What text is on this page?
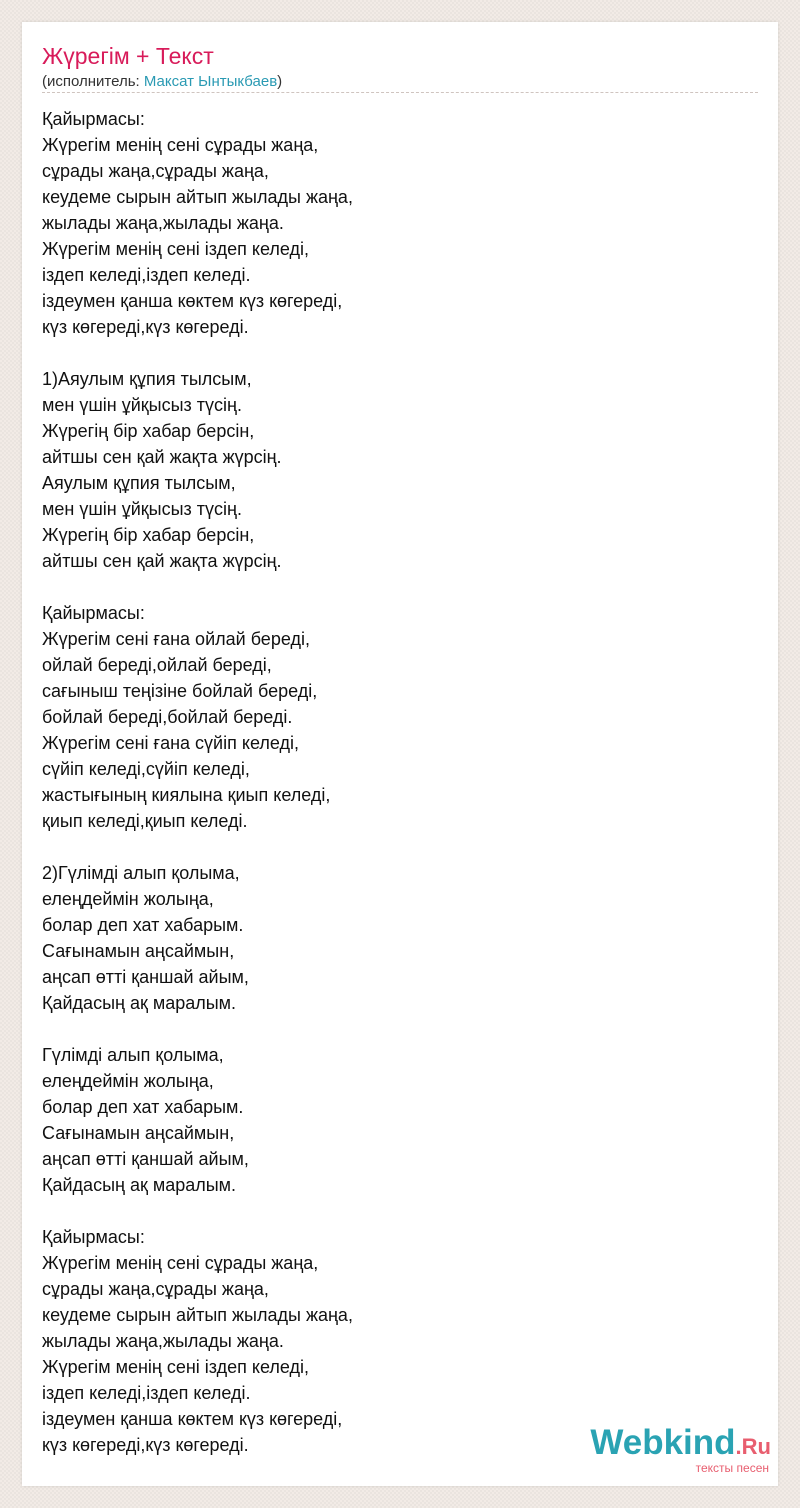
Жүрегім + Текст
(исполнитель: Максат Ынтыкбаев)
Қайырмасы:
Жүрегім менің сені сұрады жаңа,
сұрады жаңа,сұрады жаңа,
кеудеме сырын айтып жылады жаңа,
жылады жаңа,жылады жаңа.
Жүрегім менің сені іздеп келеді,
іздеп келеді,іздеп келеді.
іздеумен қанша көктем күз көгереді,
күз көгереді,күз көгереді.
1)Аяулым құпия тылсым,
мен үшін ұйқысыз түсің.
Жүрегің бір хабар берсін,
айтшы сен қай жақта жүрсің.
Аяулым құпия тылсым,
мен үшін ұйқысыз түсің.
Жүрегің бір хабар берсін,
айтшы сен қай жақта жүрсің.
Қайырмасы:
Жүрегім сені ғана ойлай береді,
ойлай береді,ойлай береді,
сағыныш теңізіне бойлай береді,
бойлай береді,бойлай береді.
Жүрегім сені ғана сүйіп келеді,
сүйіп келеді,сүйіп келеді,
жастығының киялына қиып келеді,
қиып келеді,қиып келеді.
2)Гүлімді алып қолыма,
елеңдеймін жолыңа,
болар деп хат хабарым.
Сағынамын аңсаймын,
аңсап өтті қаншай айым,
Қайдасың ақ маралым.
Гүлімді алып қолыма,
елеңдеймін жолыңа,
болар деп хат хабарым.
Сағынамын аңсаймын,
аңсап өтті қаншай айым,
Қайдасың ақ маралым.
Қайырмасы:
Жүрегім менің сені сұрады жаңа,
сұрады жаңа,сұрады жаңа,
кеудеме сырын айтып жылады жаңа,
жылады жаңа,жылады жаңа.
Жүрегім менің сені іздеп келеді,
іздеп келеді,іздеп келеді.
іздеумен қанша көктем күз көгереді,
күз көгереді,күз көгереді.	Webkind.Ru
тексты песен
